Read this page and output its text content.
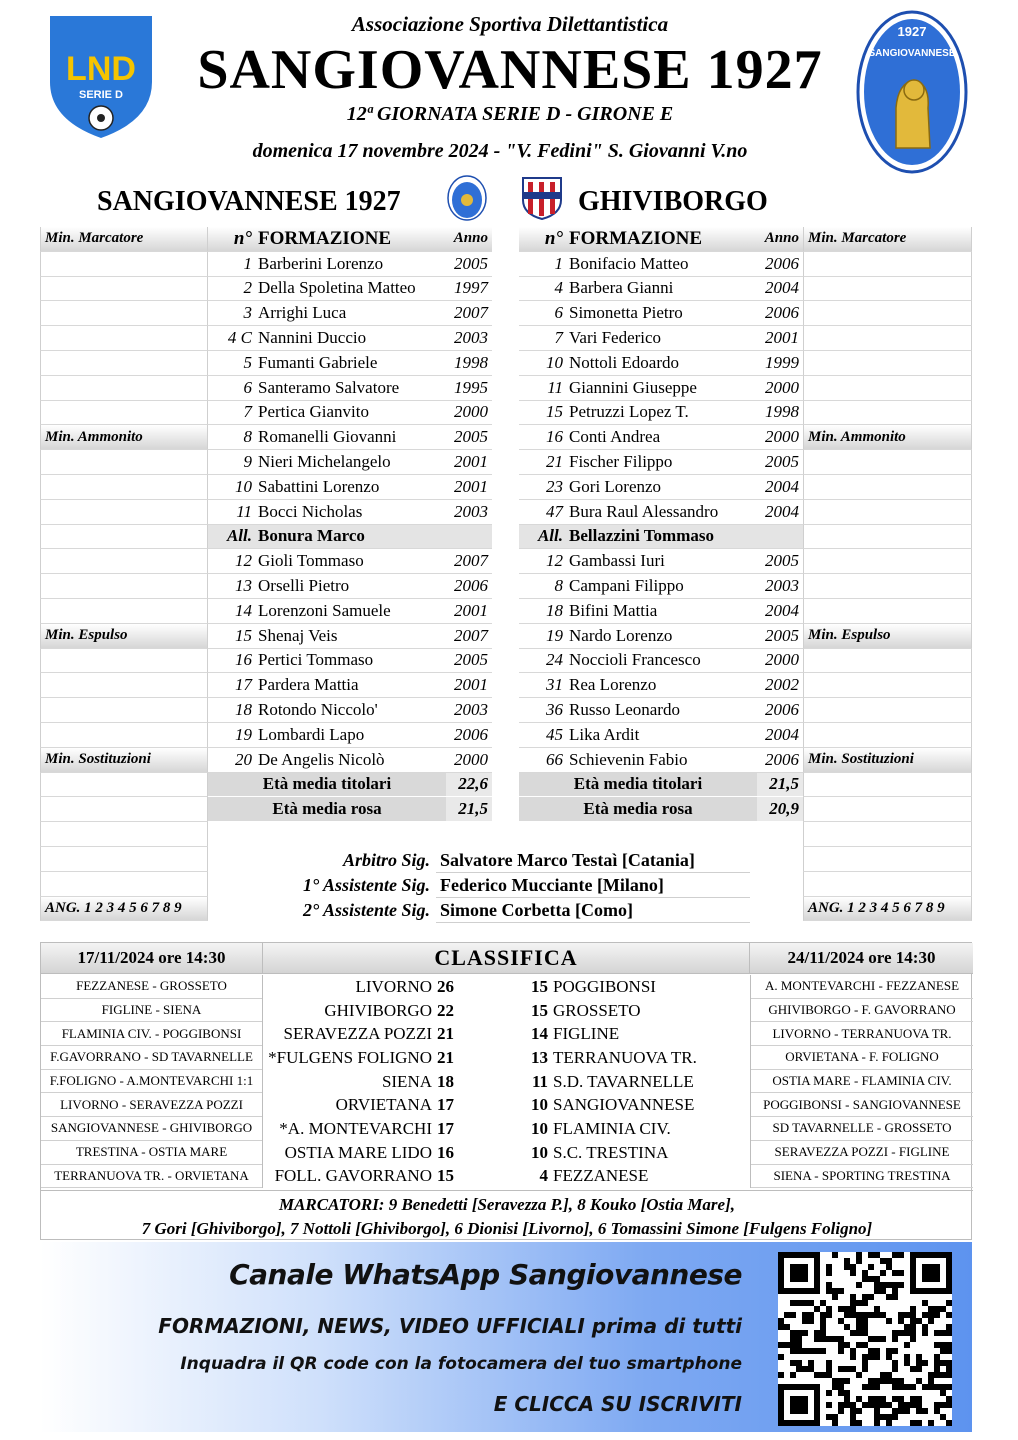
LND
SERIE D
Associazione Sportiva Dilettantistica
SANGIOVANNESE 1927
12ª GIORNATA SERIE D - GIRONE E
domenica 17 novembre 2024 - "V. Fedini" S. Giovanni V.no
1927
SANGIOVANNESE
SANGIOVANNESE 1927	GHIVIBORGO
Min. Marcatore
Min. Ammonito
Min. Espulso
Min. Sostituzioni
ANG. 1 2 3 4 5 6 7 8 9
n° FORMAZIONE	Anno
1 Barberini Lorenzo	2005
2 Della Spoletina Matteo	1997
3 Arrighi Luca	2007
4 C Nannini Duccio	2003
5 Fumanti Gabriele	1998
6 Santeramo Salvatore	1995
7 Pertica Gianvito	2000
8 Romanelli Giovanni	2005
9 Nieri Michelangelo	2001
10 Sabattini Lorenzo	2001
11 Bocci Nicholas	2003
All. Bonura Marco
12 Gioli Tommaso	2007
13 Orselli Pietro	2006
14 Lorenzoni Samuele	2001
15 Shenaj Veis	2007
16 Pertici Tommaso	2005
17 Pardera Mattia	2001
18 Rotondo Niccolo'	2003
19 Lombardi Lapo	2006
20 De Angelis Nicolò	2000
Età media titolari	22,6
Età media rosa	21,5
n° FORMAZIONE	Anno
1 Bonifacio Matteo	2006
4 Barbera Gianni	2004
6 Simonetta Pietro	2006
7 Vari Federico	2001
10 Nottoli Edoardo	1999
11 Giannini Giuseppe	2000
15 Petruzzi Lopez T.	1998
16 Conti Andrea	2000
21 Fischer Filippo	2005
23 Gori Lorenzo	2004
47 Bura Raul Alessandro	2004
All. Bellazzini Tommaso
12 Gambassi Iuri	2005
8 Campani Filippo	2003
18 Bifini Mattia	2004
19 Nardo Lorenzo	2005
24 Noccioli Francesco	2000
31 Rea Lorenzo	2002
36 Russo Leonardo	2006
45 Lika Ardit	2004
66 Schievenin Fabio	2006
Età media titolari	21,5
Età media rosa	20,9
Min. Marcatore
Min. Ammonito
Min. Espulso
Min. Sostituzioni
ANG. 1 2 3 4 5 6 7 8 9
Arbitro Sig. Salvatore Marco Testaì [Catania]
1° Assistente Sig. Federico Mucciante [Milano]
2° Assistente Sig. Simone Corbetta [Como]
17/11/2024 ore 14:30	CLASSIFICA	24/11/2024 ore 14:30
FEZZANESE - GROSSETO
FIGLINE - SIENA
FLAMINIA CIV. - POGGIBONSI
F.GAVORRANO - SD TAVARNELLE
F.FOLIGNO - A.MONTEVARCHI 1:1
LIVORNO - SERAVEZZA POZZI
SANGIOVANNESE - GHIVIBORGO
TRESTINA - OSTIA MARE
TERRANUOVA TR. - ORVIETANA
LIVORNO 26	15 POGGIBONSI
GHIVIBORGO 22	15 GROSSETO
SERAVEZZA POZZI 21	14 FIGLINE
*FULGENS FOLIGNO 21	13 TERRANUOVA TR.
SIENA 18	11 S.D. TAVARNELLE
ORVIETANA 17	10 SANGIOVANNESE
*A. MONTEVARCHI 17	10 FLAMINIA CIV.
OSTIA MARE LIDO 16	10 S.C. TRESTINA
FOLL. GAVORRANO 15	4 FEZZANESE
A. MONTEVARCHI - FEZZANESE
GHIVIBORGO - F. GAVORRANO
LIVORNO - TERRANUOVA TR.
ORVIETANA - F. FOLIGNO
OSTIA MARE - FLAMINIA CIV.
POGGIBONSI - SANGIOVANNESE
SD TAVARNELLE - GROSSETO
SERAVEZZA POZZI - FIGLINE
SIENA - SPORTING TRESTINA
MARCATORI: 9 Benedetti [Seravezza P.], 8 Kouko [Ostia Mare],
7 Gori [Ghiviborgo], 7 Nottoli [Ghiviborgo], 6 Dionisi [Livorno], 6 Tomassini Simone [Fulgens Foligno]
Canale WhatsApp Sangiovannese
FORMAZIONI, NEWS, VIDEO UFFICIALI prima di tutti
Inquadra il QR code con la fotocamera del tuo smartphone
E CLICCA SU ISCRIVITI
